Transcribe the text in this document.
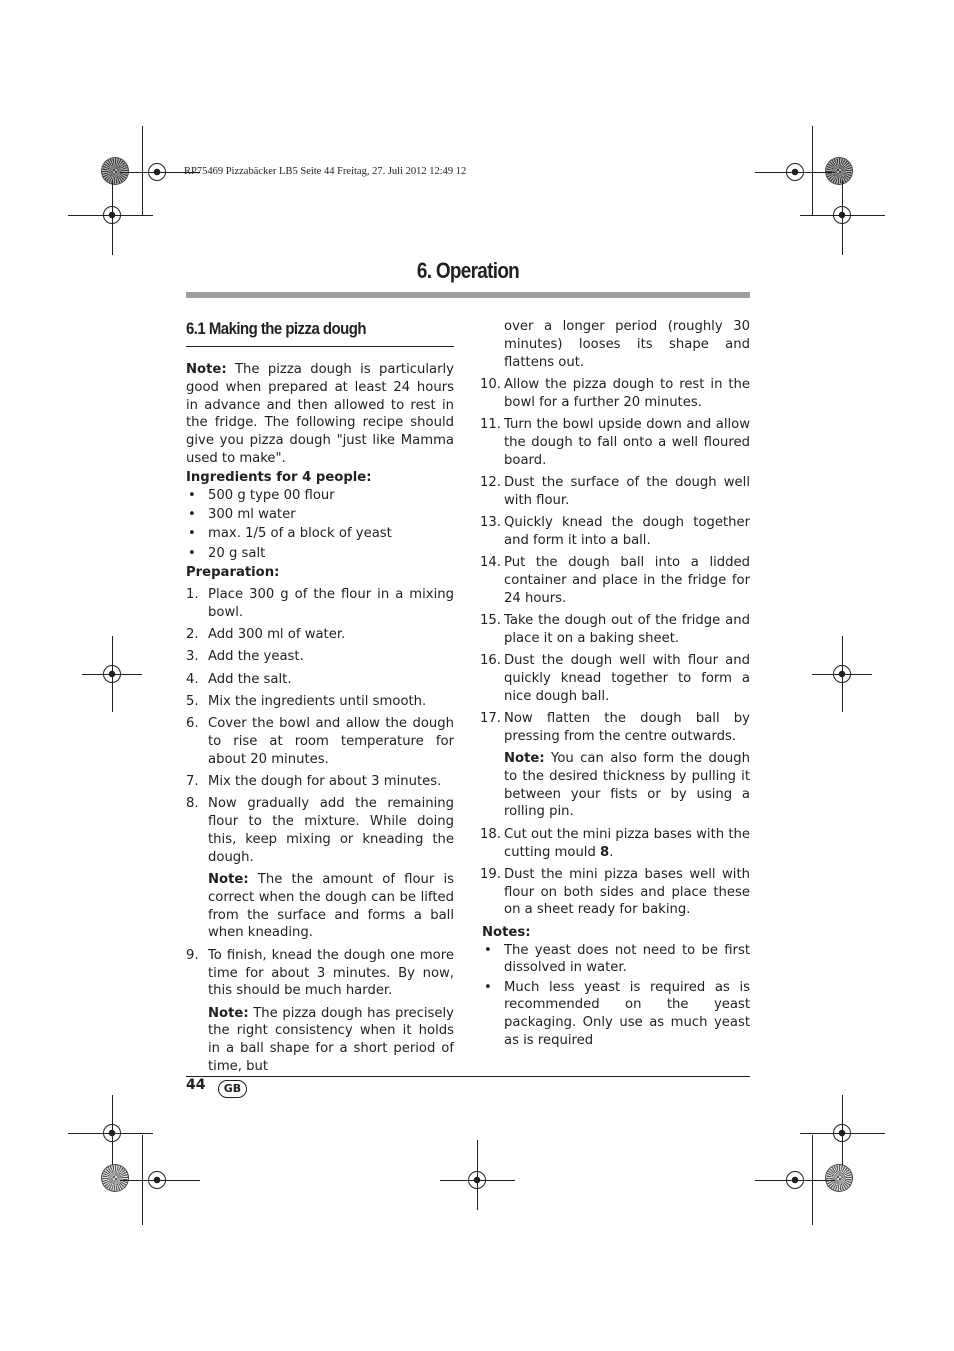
RP75469 Pizzabäcker LB5 Seite 44 Freitag, 27. Juli 2012 12:49 12
6. Operation
6.1 Making the pizza dough

Note: The pizza dough is particularly good when prepared at least 24 hours in advance and then allowed to rest in the fridge. The following recipe should give you pizza dough "just like Mamma used to make".

Ingredients for 4 people:

• 500 g type 00 flour
• 300 ml water
• max. 1/5 of a block of yeast
• 20 g salt

Preparation:

1. Place 300 g of the flour in a mixing bowl.
2. Add 300 ml of water.
3. Add the yeast.
4. Add the salt.
5. Mix the ingredients until smooth.
6. Cover the bowl and allow the dough to rise at room temperature for about 20 minutes.
7. Mix the dough for about 3 minutes.
8. Now gradually add the remaining flour to the mixture. While doing this, keep mixing or kneading the dough.
Note: The the amount of flour is correct when the dough can be lifted from the surface and forms a ball when kneading.
9. To finish, knead the dough one more time for about 3 minutes. By now, this should be much harder.
Note: The pizza dough has precisely the right consistency when it holds in a ball shape for a short period of time, but

over a longer period (roughly 30 minutes) looses its shape and flattens out.

10. Allow the pizza dough to rest in the bowl for a further 20 minutes.
11. Turn the bowl upside down and allow the dough to fall onto a well floured board.
12. Dust the surface of the dough well with flour.
13. Quickly knead the dough together and form it into a ball.
14. Put the dough ball into a lidded container and place in the fridge for 24 hours.
15. Take the dough out of the fridge and place it on a baking sheet.
16. Dust the dough well with flour and quickly knead together to form a nice dough ball.
17. Now flatten the dough ball by pressing from the centre outwards.
Note: You can also form the dough to the desired thickness by pulling it between your fists or by using a rolling pin.
18. Cut out the mini pizza bases with the cutting mould 8.
19. Dust the mini pizza bases well with flour on both sides and place these on a sheet ready for baking.

Notes:

• The yeast does not need to be first dissolved in water.
• Much less yeast is required as is recommended on the yeast packaging. Only use as much yeast as is required
44	GB
